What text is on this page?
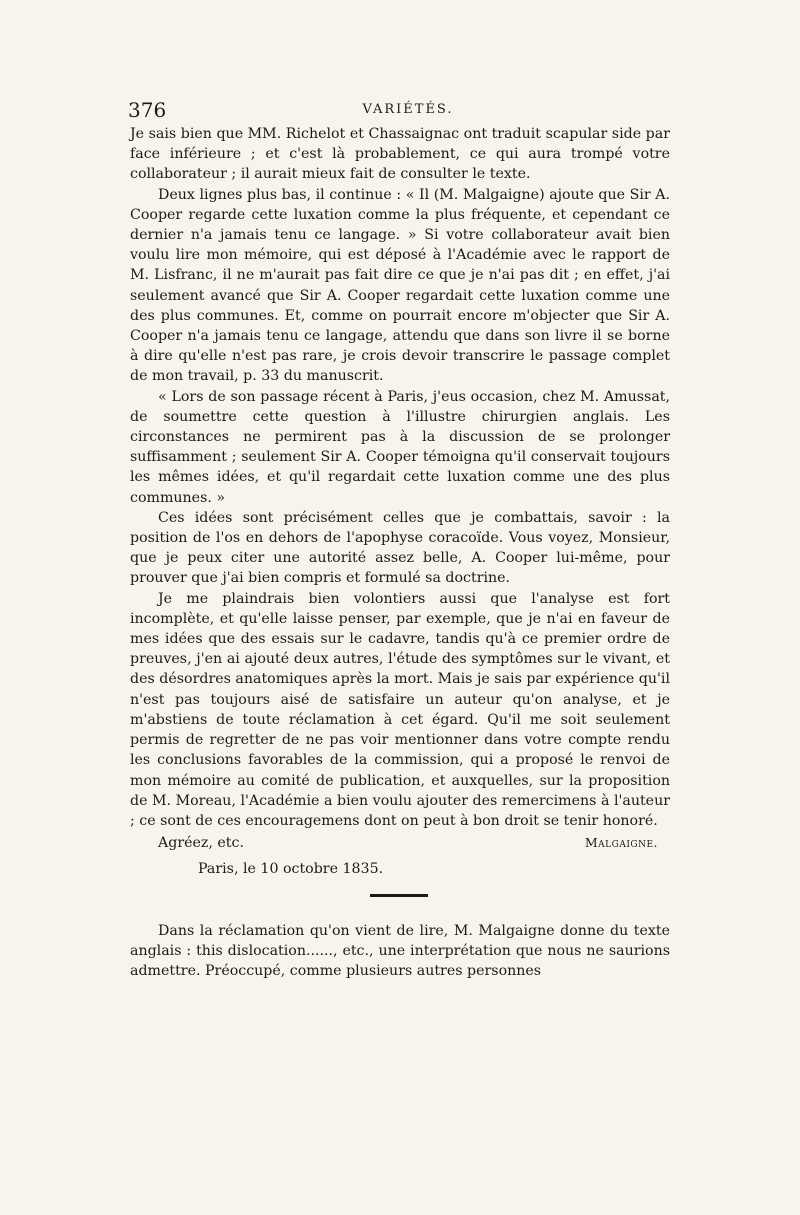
376	VARIÉTÉS.

Je sais bien que MM. Richelot et Chassaignac ont traduit scapular side par face inférieure ; et c'est là probablement, ce qui aura trompé votre collaborateur ; il aurait mieux fait de consulter le texte.

Deux lignes plus bas, il continue : « Il (M. Malgaigne) ajoute que Sir A. Cooper regarde cette luxation comme la plus fréquente, et cependant ce dernier n'a jamais tenu ce langage. » Si votre collaborateur avait bien voulu lire mon mémoire, qui est déposé à l'Académie avec le rapport de M. Lisfranc, il ne m'aurait pas fait dire ce que je n'ai pas dit ; en effet, j'ai seulement avancé que Sir A. Cooper regardait cette luxation comme une des plus communes. Et, comme on pourrait encore m'objecter que Sir A. Cooper n'a jamais tenu ce langage, attendu que dans son livre il se borne à dire qu'elle n'est pas rare, je crois devoir transcrire le passage complet de mon travail, p. 33 du manuscrit.

« Lors de son passage récent à Paris, j'eus occasion, chez M. Amussat, de soumettre cette question à l'illustre chirurgien anglais. Les circonstances ne permirent pas à la discussion de se prolonger suffisamment ; seulement Sir A. Cooper témoigna qu'il conservait toujours les mêmes idées, et qu'il regardait cette luxation comme une des plus communes. »

Ces idées sont précisément celles que je combattais, savoir : la position de l'os en dehors de l'apophyse coracoïde. Vous voyez, Monsieur, que je peux citer une autorité assez belle, A. Cooper lui-même, pour prouver que j'ai bien compris et formulé sa doctrine.

Je me plaindrais bien volontiers aussi que l'analyse est fort incomplète, et qu'elle laisse penser, par exemple, que je n'ai en faveur de mes idées que des essais sur le cadavre, tandis qu'à ce premier ordre de preuves, j'en ai ajouté deux autres, l'étude des symptômes sur le vivant, et des désordres anatomiques après la mort. Mais je sais par expérience qu'il n'est pas toujours aisé de satisfaire un auteur qu'on analyse, et je m'abstiens de toute réclamation à cet égard. Qu'il me soit seulement permis de regretter de ne pas voir mentionner dans votre compte rendu les conclusions favorables de la commission, qui a proposé le renvoi de mon mémoire au comité de publication, et auxquelles, sur la proposition de M. Moreau, l'Académie a bien voulu ajouter des remercimens à l'auteur ; ce sont de ces encouragemens dont on peut à bon droit se tenir honoré.

Agréez, etc.	Malgaigne.
Paris, le 10 octobre 1835.

Dans la réclamation qu'on vient de lire, M. Malgaigne donne du texte anglais : this dislocation......, etc., une interprétation que nous ne saurions admettre. Préoccupé, comme plusieurs autres personnes
